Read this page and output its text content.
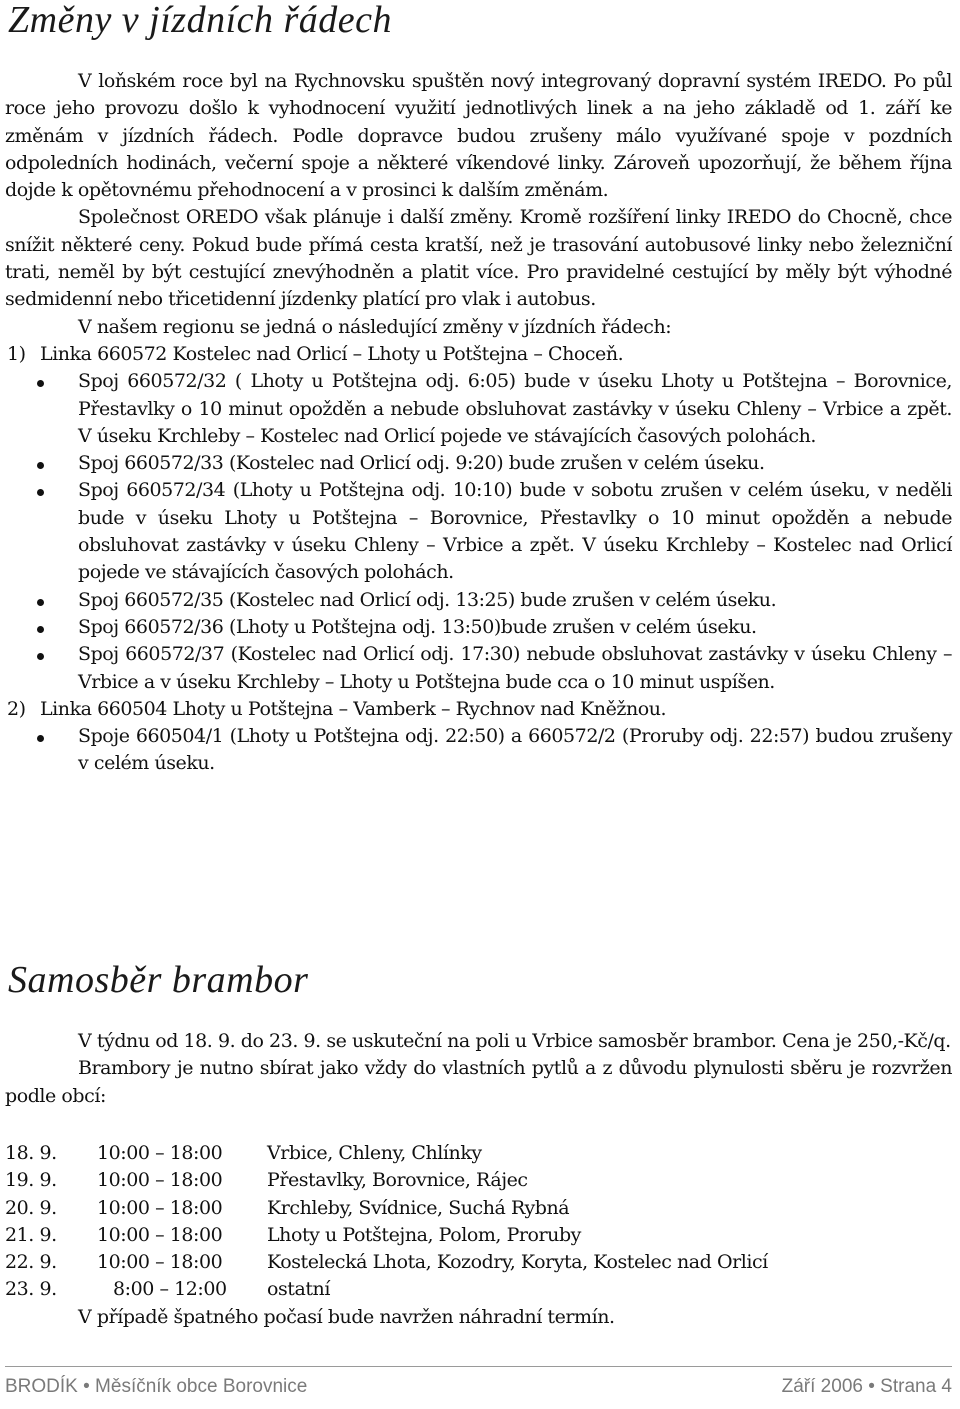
Změny v jízdních řádech

V loňském roce byl na Rychnovsku spuštěn nový integrovaný dopravní systém IREDO. Po půl roce jeho provozu došlo k vyhodnocení využití jednotlivých linek a na jeho základě od 1. září ke změnám v jízdních řádech. Podle dopravce budou zrušeny málo využívané spoje v pozdních odpoledních hodinách, večerní spoje a některé víkendové linky. Zároveň upozorňují, že během října dojde k opětovnému přehodnocení a v prosinci k dalším změnám.

Společnost OREDO však plánuje i další změny. Kromě rozšíření linky IREDO do Chocně, chce snížit některé ceny. Pokud bude přímá cesta kratší, než je trasování autobusové linky nebo železniční trati, neměl by být cestující znevýhodněn a platit více. Pro pravidelné cestující by měly být výhodné sedmidenní nebo třicetidenní jízdenky platící pro vlak i autobus.

V našem regionu se jedná o následující změny v jízdních řádech:

1) Linka 660572 Kostelec nad Orlicí – Lhoty u Potštejna – Choceň.

Spoj 660572/32 ( Lhoty u Potštejna odj. 6:05) bude v úseku Lhoty u Potštejna – Borovnice, Přestavlky o 10 minut opožděn a nebude obsluhovat zastávky v úseku Chleny – Vrbice a zpět. V úseku Krchleby – Kostelec nad Orlicí pojede ve stávajících časových polohách.

Spoj 660572/33 (Kostelec nad Orlicí odj. 9:20) bude zrušen v celém úseku.

Spoj 660572/34 (Lhoty u Potštejna odj. 10:10) bude v sobotu zrušen v celém úseku, v neděli bude v úseku Lhoty u Potštejna – Borovnice, Přestavlky o 10 minut opožděn a nebude obsluhovat zastávky v úseku Chleny – Vrbice a zpět. V úseku Krchleby – Kostelec nad Orlicí pojede ve stávajících časových polohách.

Spoj 660572/35 (Kostelec nad Orlicí odj. 13:25) bude zrušen v celém úseku.

Spoj 660572/36 (Lhoty u Potštejna odj. 13:50)bude zrušen v celém úseku.

Spoj 660572/37 (Kostelec nad Orlicí odj. 17:30) nebude obsluhovat zastávky v úseku Chleny – Vrbice a v úseku Krchleby – Lhoty u Potštejna bude cca o 10 minut uspíšen.

2) Linka 660504 Lhoty u Potštejna – Vamberk – Rychnov nad Kněžnou.

Spoje 660504/1 (Lhoty u Potštejna odj. 22:50) a 660572/2 (Proruby odj. 22:57) budou zrušeny v celém úseku.

Samosběr brambor

V týdnu od 18. 9. do 23. 9. se uskuteční na poli u Vrbice samosběr brambor. Cena je 250,-Kč/q.

Brambory je nutno sbírat jako vždy do vlastních pytlů a z důvodu plynulosti sběru je rozvržen podle obcí:

18. 9.	10:00 – 18:00	Vrbice, Chleny, Chlínky
19. 9.	10:00 – 18:00	Přestavlky, Borovnice, Rájec
20. 9.	10:00 – 18:00	Krchleby, Svídnice, Suchá Rybná
21. 9.	10:00 – 18:00	Lhoty u Potštejna, Polom, Proruby
22. 9.	10:00 – 18:00	Kostelecká Lhota, Kozodry, Koryta, Kostelec nad Orlicí
23. 9.	8:00 – 12:00	ostatní

V případě špatného počasí bude navržen náhradní termín.

BRODÍK • Měsíčník obce Borovnice	Září 2006 • Strana 4
